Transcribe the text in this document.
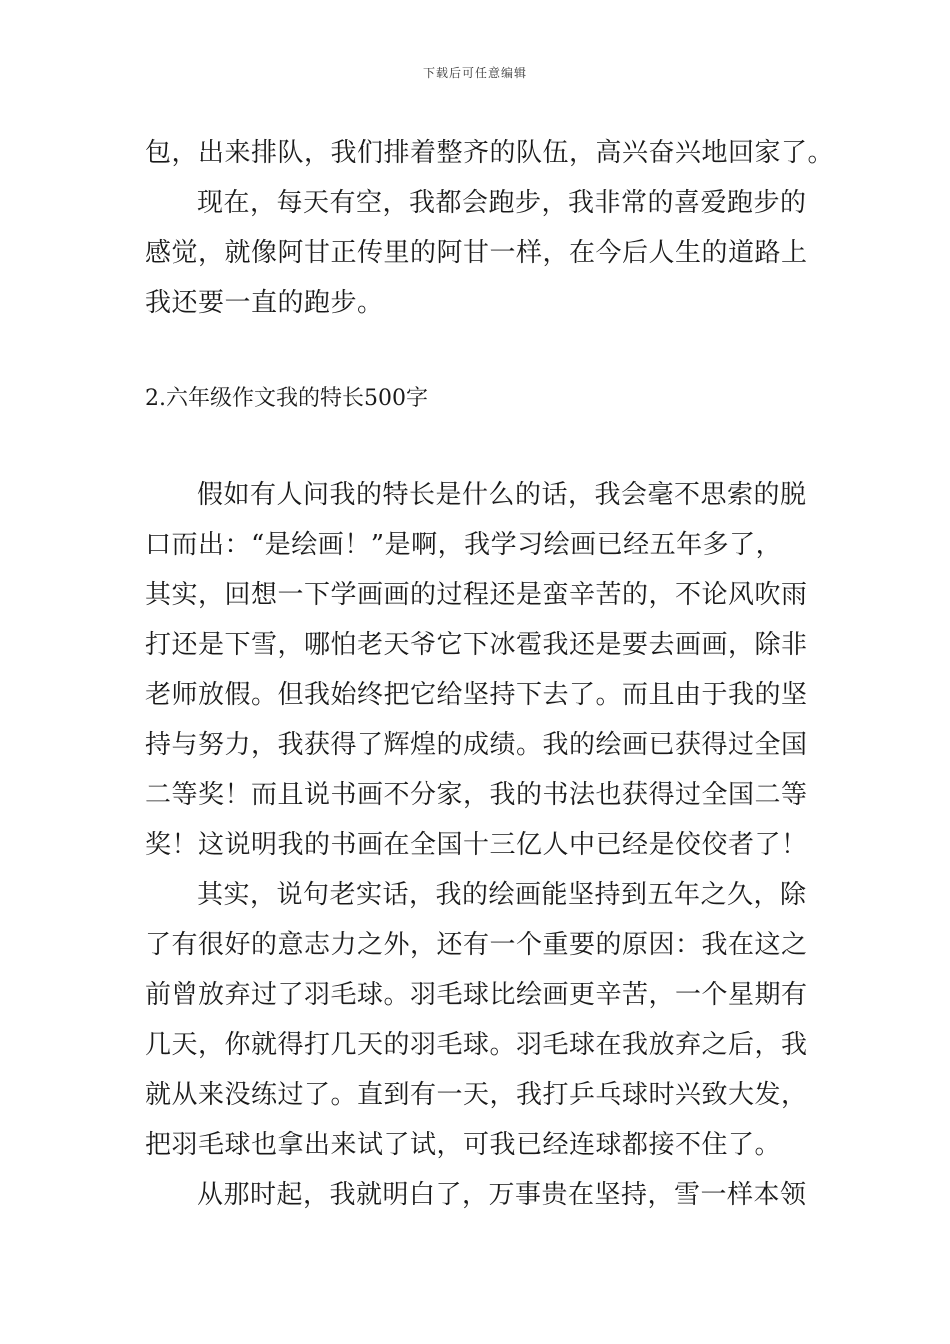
下载后可任意编辑
包，出来排队，我们排着整齐的队伍，高兴奋兴地回家了。
现在，每天有空，我都会跑步，我非常的喜爱跑步的
感觉，就像阿甘正传里的阿甘一样，在今后人生的道路上
我还要一直的跑步。
2.六年级作文我的特长500字
假如有人问我的特长是什么的话，我会毫不思索的脱
口而出：“是绘画！”是啊，我学习绘画已经五年多了，
其实，回想一下学画画的过程还是蛮辛苦的，不论风吹雨
打还是下雪，哪怕老天爷它下冰雹我还是要去画画，除非
老师放假。但我始终把它给坚持下去了。而且由于我的坚
持与努力，我获得了辉煌的成绩。我的绘画已获得过全国
二等奖！而且说书画不分家，我的书法也获得过全国二等
奖！这说明我的书画在全国十三亿人中已经是佼佼者了！
其实，说句老实话，我的绘画能坚持到五年之久，除
了有很好的意志力之外，还有一个重要的原因：我在这之
前曾放弃过了羽毛球。羽毛球比绘画更辛苦，一个星期有
几天，你就得打几天的羽毛球。羽毛球在我放弃之后，我
就从来没练过了。直到有一天，我打乒乓球时兴致大发，
把羽毛球也拿出来试了试，可我已经连球都接不住了。
从那时起，我就明白了，万事贵在坚持，雪一样本领
